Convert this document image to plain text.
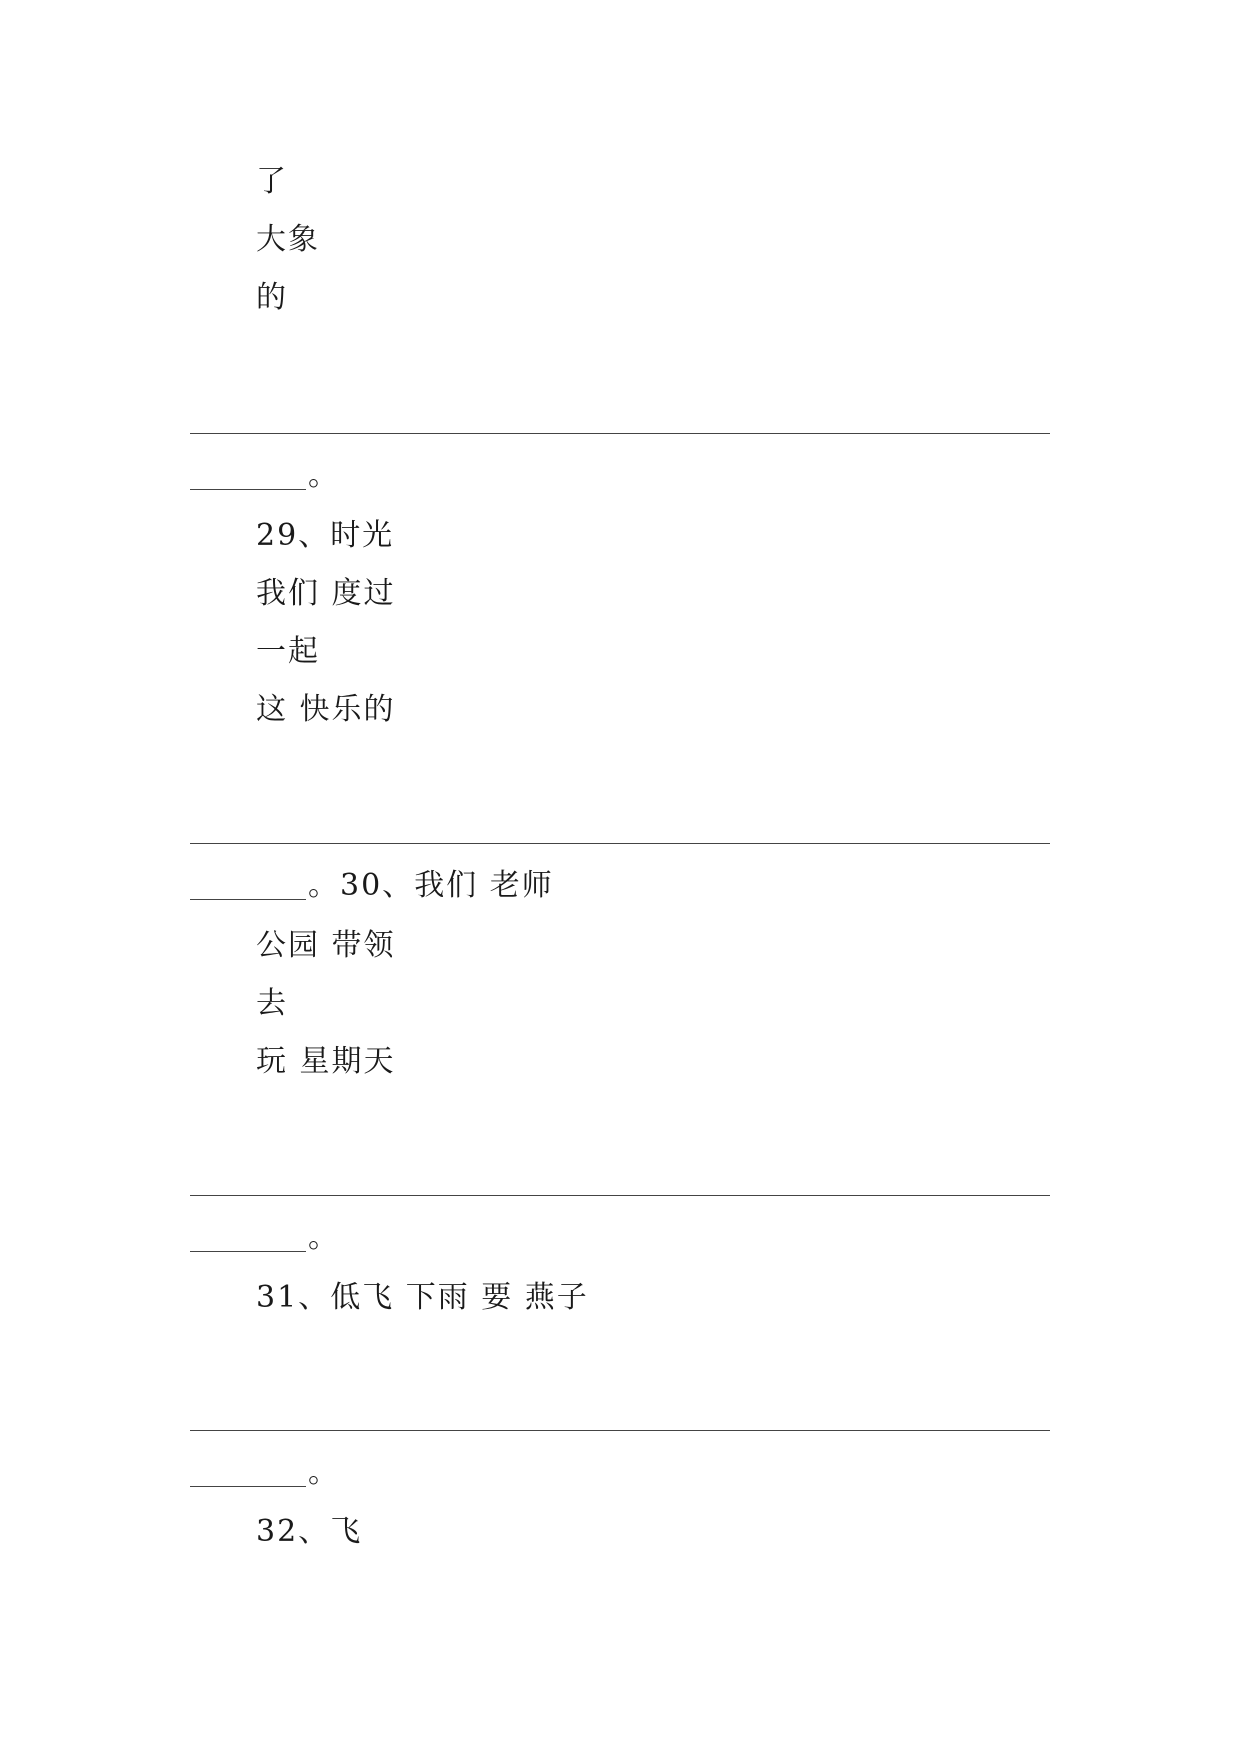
了
大象
的
。
29、时光
我们 度过
一起
这 快乐的
。30、我们 老师
公园 带领
去
玩 星期天
。
31、低飞 下雨 要 燕子
。
32、飞
